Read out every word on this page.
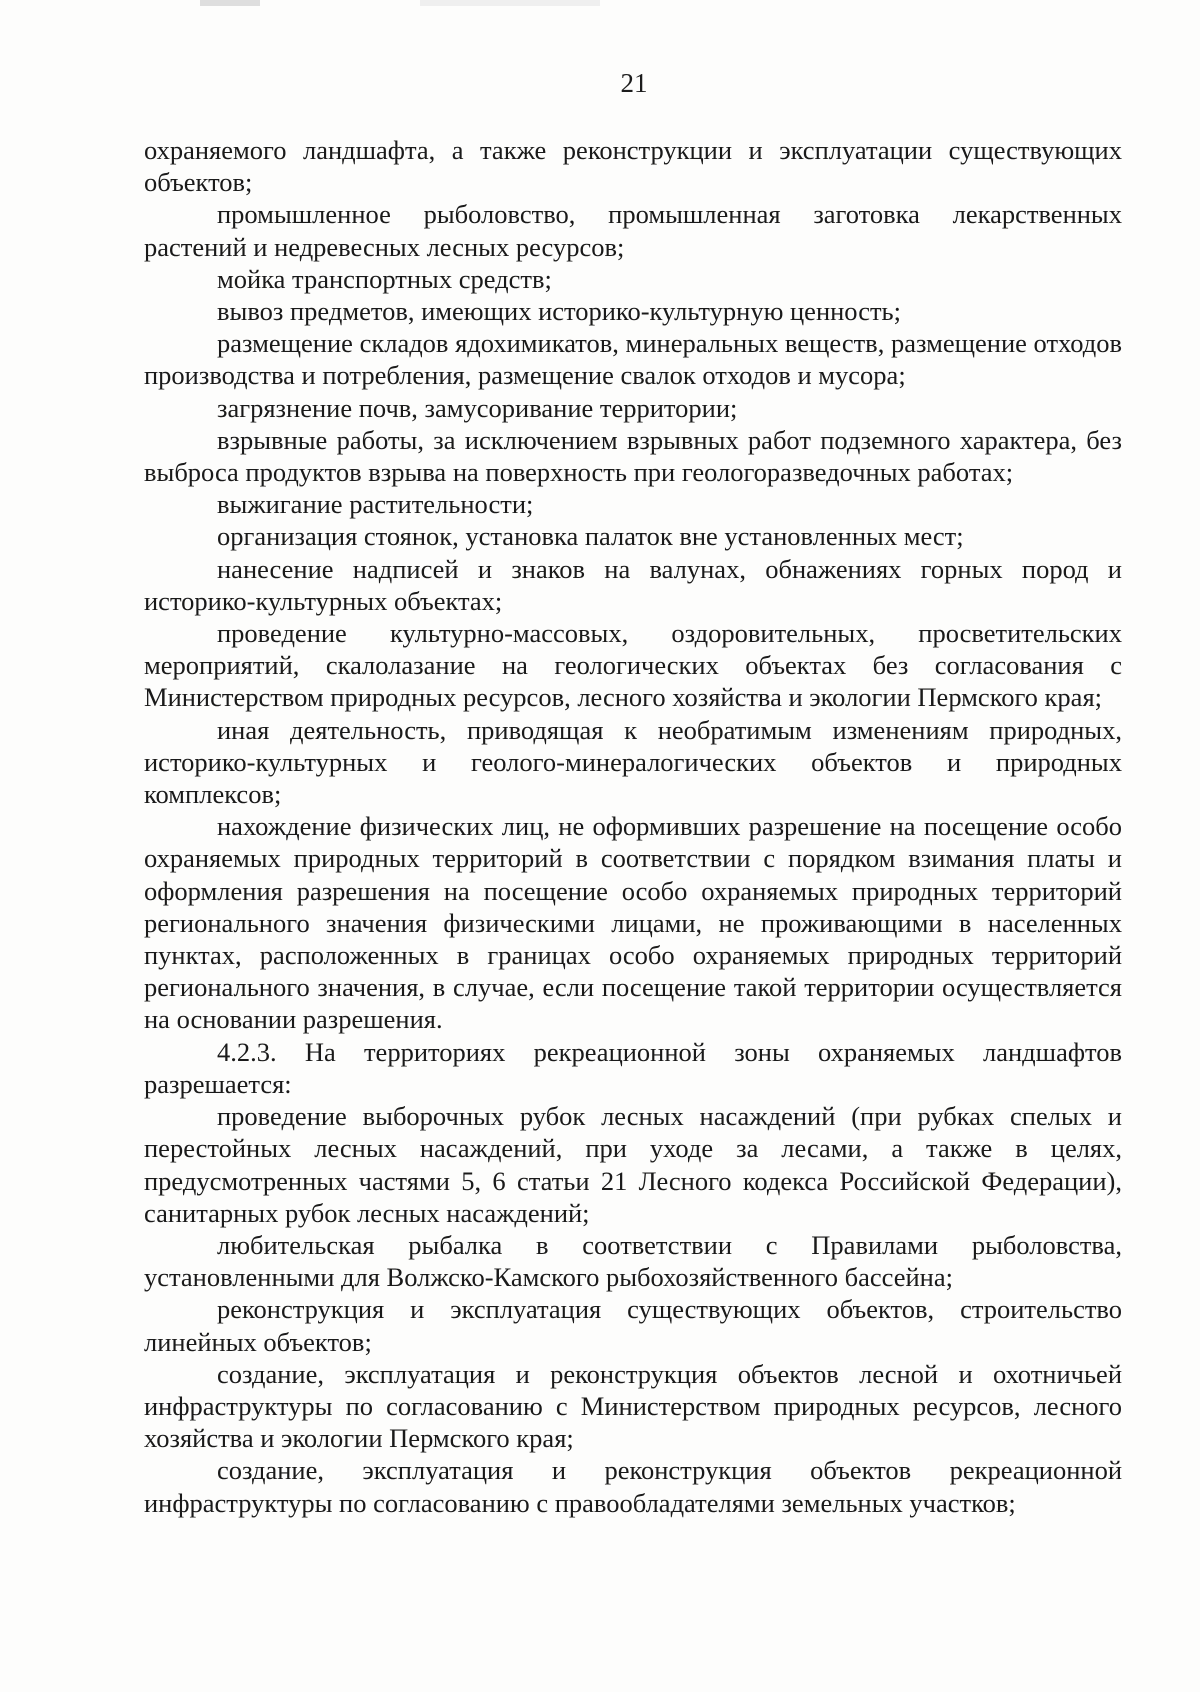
21

охраняемого ландшафта, а также реконструкции и эксплуатации существующих объектов;

промышленное рыболовство, промышленная заготовка лекарственных растений и недревесных лесных ресурсов;

мойка транспортных средств;

вывоз предметов, имеющих историко-культурную ценность;

размещение складов ядохимикатов, минеральных веществ, размещение отходов производства и потребления, размещение свалок отходов и мусора;

загрязнение почв, замусоривание территории;

взрывные работы, за исключением взрывных работ подземного характера, без выброса продуктов взрыва на поверхность при геологоразведочных работах;

выжигание растительности;

организация стоянок, установка палаток вне установленных мест;

нанесение надписей и знаков на валунах, обнажениях горных пород и историко-культурных объектах;

проведение культурно-массовых, оздоровительных, просветительских мероприятий, скалолазание на геологических объектах без согласования с Министерством природных ресурсов, лесного хозяйства и экологии Пермского края;

иная деятельность, приводящая к необратимым изменениям природных, историко-культурных и геолого-минералогических объектов и природных комплексов;

нахождение физических лиц, не оформивших разрешение на посещение особо охраняемых природных территорий в соответствии с порядком взимания платы и оформления разрешения на посещение особо охраняемых природных территорий регионального значения физическими лицами, не проживающими в населенных пунктах, расположенных в границах особо охраняемых природных территорий регионального значения, в случае, если посещение такой территории осуществляется на основании разрешения.

4.2.3. На территориях рекреационной зоны охраняемых ландшафтов разрешается:

проведение выборочных рубок лесных насаждений (при рубках спелых и перестойных лесных насаждений, при уходе за лесами, а также в целях, предусмотренных частями 5, 6 статьи 21 Лесного кодекса Российской Федерации), санитарных рубок лесных насаждений;

любительская рыбалка в соответствии с Правилами рыболовства, установленными для Волжско-Камского рыбохозяйственного бассейна;

реконструкция и эксплуатация существующих объектов, строительство линейных объектов;

создание, эксплуатация и реконструкция объектов лесной и охотничьей инфраструктуры по согласованию с Министерством природных ресурсов, лесного хозяйства и экологии Пермского края;

создание, эксплуатация и реконструкция объектов рекреационной инфраструктуры по согласованию с правообладателями земельных участков;
